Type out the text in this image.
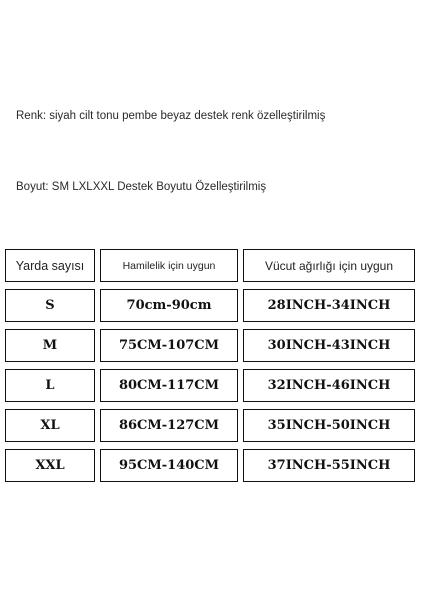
Renk: siyah cilt tonu pembe beyaz destek renk özelleştirilmiş
Boyut: SM LXLXXL Destek Boyutu Özelleştirilmiş
Yarda sayısı	Hamilelik için uygun	Vücut ağırlığı için uygun
S	70cm-90cm	28INCH-34INCH
M	75CM-107CM	30INCH-43INCH
L	80CM-117CM	32INCH-46INCH
XL	86CM-127CM	35INCH-50INCH
XXL	95CM-140CM	37INCH-55INCH
